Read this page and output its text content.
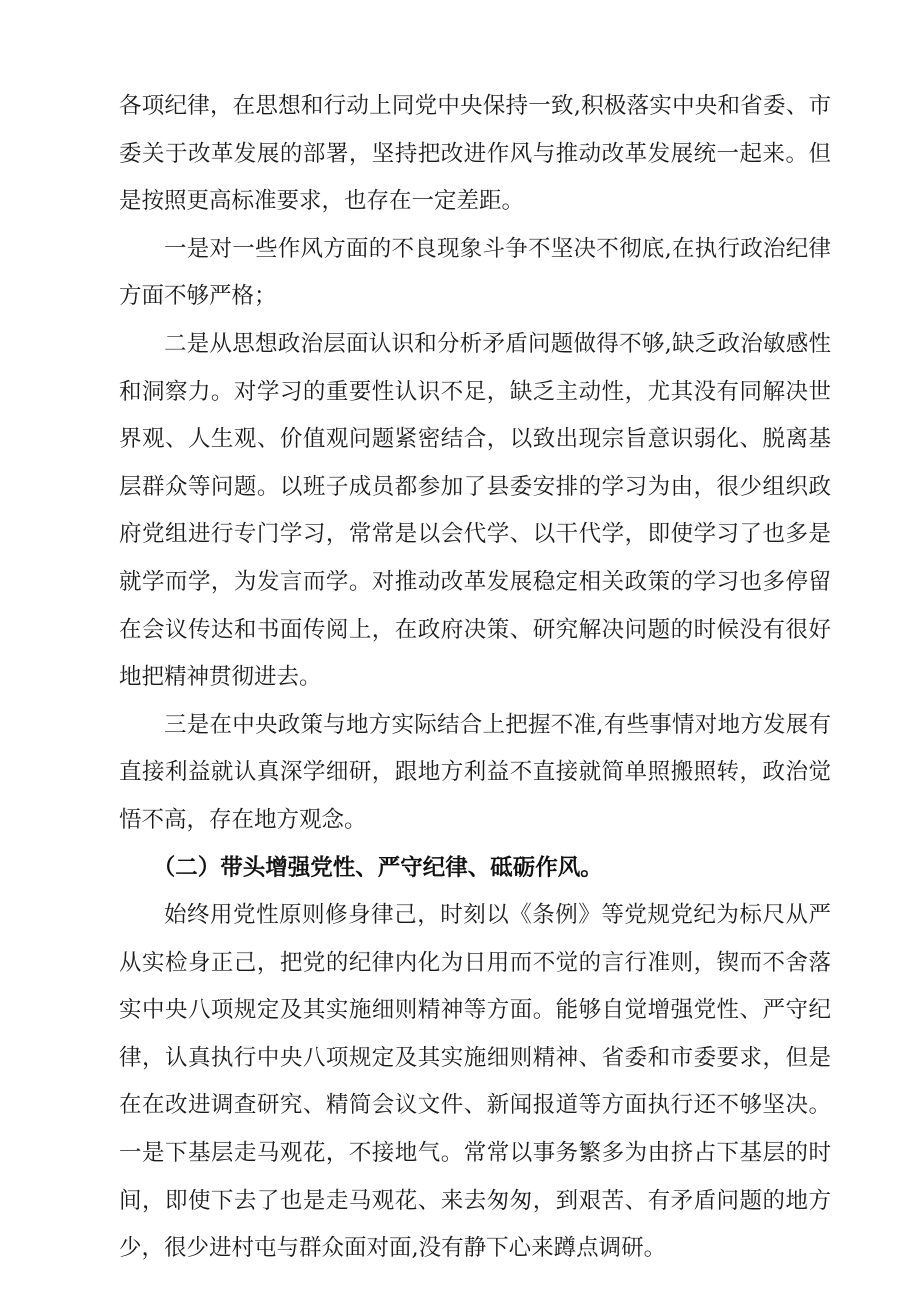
各项纪律，在思想和行动上同党中央保持一致,积极落实中央和省委、市委关于改革发展的部署，坚持把改进作风与推动改革发展统一起来。但是按照更高标准要求，也存在一定差距。

一是对一些作风方面的不良现象斗争不坚决不彻底,在执行政治纪律方面不够严格；

二是从思想政治层面认识和分析矛盾问题做得不够,缺乏政治敏感性和洞察力。对学习的重要性认识不足，缺乏主动性，尤其没有同解决世界观、人生观、价值观问题紧密结合，以致出现宗旨意识弱化、脱离基层群众等问题。以班子成员都参加了县委安排的学习为由，很少组织政府党组进行专门学习，常常是以会代学、以干代学，即使学习了也多是就学而学，为发言而学。对推动改革发展稳定相关政策的学习也多停留在会议传达和书面传阅上，在政府决策、研究解决问题的时候没有很好地把精神贯彻进去。

三是在中央政策与地方实际结合上把握不准,有些事情对地方发展有直接利益就认真深学细研，跟地方利益不直接就简单照搬照转，政治觉悟不高，存在地方观念。

（二）带头增强党性、严守纪律、砥砺作风。

始终用党性原则修身律己，时刻以《条例》等党规党纪为标尺从严从实检身正己，把党的纪律内化为日用而不觉的言行准则，锲而不舍落实中央八项规定及其实施细则精神等方面。能够自觉增强党性、严守纪律，认真执行中央八项规定及其实施细则精神、省委和市委要求，但是在在改进调查研究、精简会议文件、新闻报道等方面执行还不够坚决。一是下基层走马观花，不接地气。常常以事务繁多为由挤占下基层的时间，即使下去了也是走马观花、来去匆匆，到艰苦、有矛盾问题的地方少，很少进村屯与群众面对面,没有静下心来蹲点调研。
